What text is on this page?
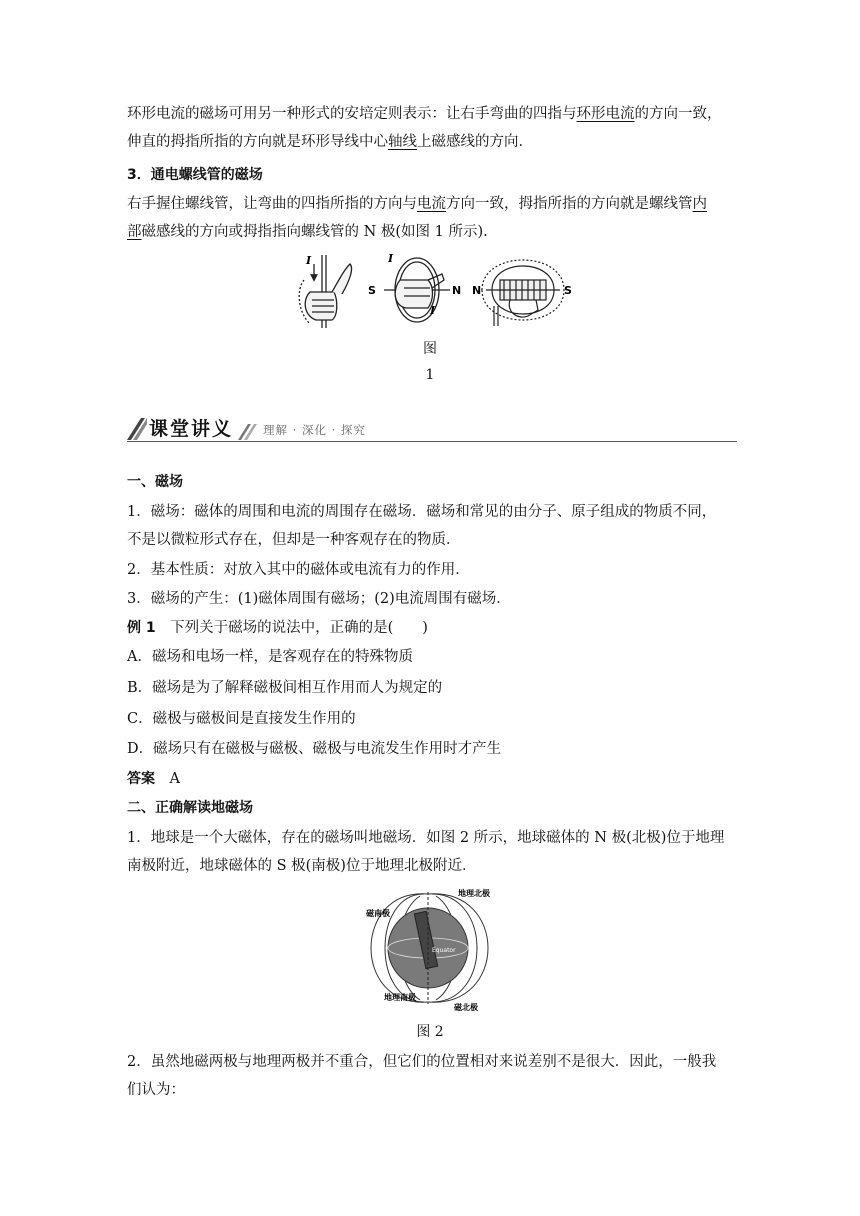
环形电流的磁场可用另一种形式的安培定则表示：让右手弯曲的四指与环形电流的方向一致，
伸直的拇指所指的方向就是环形导线中心轴线上磁感线的方向．

3．通电螺线管的磁场

右手握住螺线管，让弯曲的四指所指的方向与电流方向一致，拇指所指的方向就是螺线管内
部磁感线的方向或拇指指向螺线管的 N 极(如图 1 所示).

I	I
I
S	N N	S
图
1
课堂讲义	理解 · 深化 · 探究

一、磁场

1．磁场：磁体的周围和电流的周围存在磁场．磁场和常见的由分子、原子组成的物质不同，
不是以微粒形式存在，但却是一种客观存在的物质．

2．基本性质：对放入其中的磁体或电流有力的作用．

3．磁场的产生：(1)磁体周围有磁场；(2)电流周围有磁场．

例 1　下列关于磁场的说法中，正确的是(　　)

A．磁场和电场一样，是客观存在的特殊物质

B．磁场是为了解释磁极间相互作用而人为规定的

C．磁极与磁极间是直接发生作用的

D．磁场只有在磁极与磁极、磁极与电流发生作用时才产生

答案　A

二、正确解读地磁场

1．地球是一个大磁体，存在的磁场叫地磁场．如图 2 所示，地球磁体的 N 极(北极)位于地理
南极附近，地球磁体的 S 极(南极)位于地理北极附近．

Equator
地理北极
磁南极
地理南极
磁北极
图 2

2．虽然地磁两极与地理两极并不重合，但它们的位置相对来说差别不是很大．因此，一般我
们认为：
